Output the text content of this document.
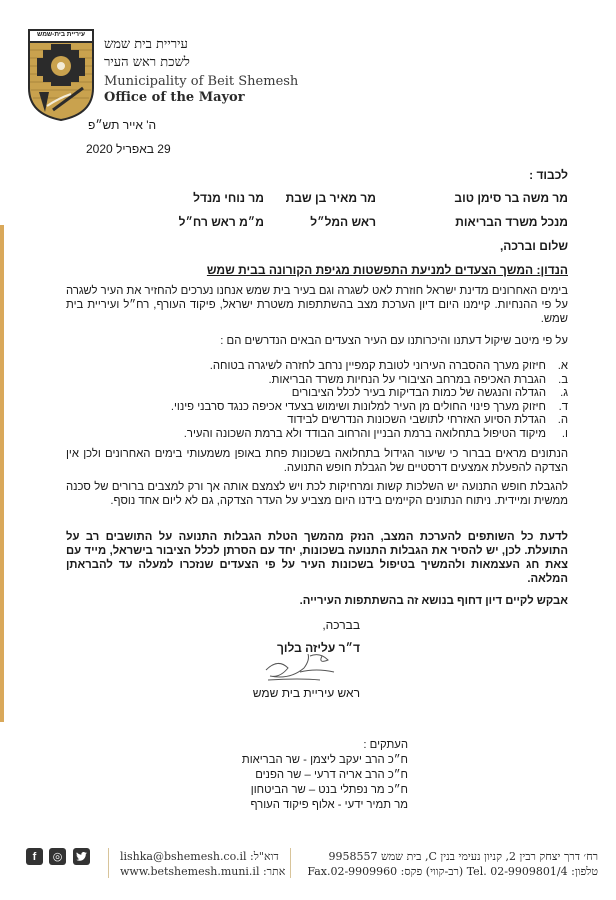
עיריית בית-שמש
עיריית בית שמש
לשכת ראש העיר
Municipality of Beit Shemesh
Office of the Mayor
ה' אייר תש״פ
29 באפריל 2020
לכבוד :
מר משה בר סימן טוב
מר מאיר בן שבת
מר נוחי מנדל
מנכל משרד הבריאות
ראש המל״ל
מ״מ ראש רח״ל
שלום וברכה,
הנדון: המשך הצעדים למניעת התפשטות מגיפת הקורונה בבית שמש
בימים האחרונים מדינת ישראל חוזרת לאט לשגרה וגם בעיר בית שמש אנחנו נערכים להחזיר את העיר לשגרה על פי ההנחיות. קיימנו היום דיון הערכת מצב בהשתתפות משטרת ישראל, פיקוד העורף, רח״ל ועיריית בית שמש.
על פי מיטב שיקול דעתנו והיכרותנו עם העיר הצעדים הבאים הנדרשים הם :
א.
חיזוק מערך ההסברה העירוני לטובת קמפיין נרחב לחזרה לשיגרה בטוחה.
ב.
הגברת האכיפה במרחב הציבורי על הנחיות משרד הבריאות.
ג.
הגדלה והנגשה של כמות הבדיקות בעיר לכלל הציבורים
ד.
חיזוק מערך פינוי החולים מן העיר למלונות ושימוש בצעדי אכיפה כנגד סרבני פינוי.
ה.
הגדלת הסיוע האזרחי לתושבי השכונות הנדרשים לבידוד
ו.
מיקוד הטיפול בתחלואה ברמת הבניין והרחוב הבודד ולא ברמת השכונה והעיר.
הנתונים מראים בברור כי שיעור הגידול בתחלואה בשכונות פחת באופן משמעותי בימים האחרונים ולכן אין הצדקה להפעלת אמצעים דרסטיים של הגבלת חופש התנועה.
להגבלת חופש התנועה יש השלכות קשות ומרחיקות לכת ויש לצמצם אותה אך ורק למצבים ברורים של סכנה ממשית ומיידית. ניתוח הנתונים הקיימים בידנו היום מצביע על העדר הצדקה, גם לא ליום אחד נוסף.
לדעת כל השותפים להערכת המצב, הנזק מהמשך הטלת הגבלות התנועה על התושבים רב על התועלת. לכן, יש להסיר את הגבלות התנועה בשכונות, יחד עם הסרתן לכלל הציבור בישראל, מייד עם צאת חג העצמאות ולהמשיך בטיפול בשכונות העיר על פי הצעדים שנזכרו למעלה עד להבראתן המלאה.
אבקש לקיים דיון דחוף בנושא זה בהשתתפות העירייה.
בברכה,
ד״ר עליזה בלוך
ראש עיריית בית שמש
העתקים :
ח״כ הרב יעקב ליצמן - שר הבריאות
ח״כ הרב אריה דרעי – שר הפנים
ח״כ מר נפתלי בנט – שר הביטחון
מר תמיר ידעי - אלוף פיקוד העורף
רח׳ דרך יצחק רבין 2, קניון נעימי בנין C, בית שמש 9958557
טלפון: Tel. 02-9909801/4 (רב-קווי) פקס: Fax.02-9909960
דוא"ל: lishka@bshemesh.co.il
אתר: www.betshemesh.muni.il
f	◎
